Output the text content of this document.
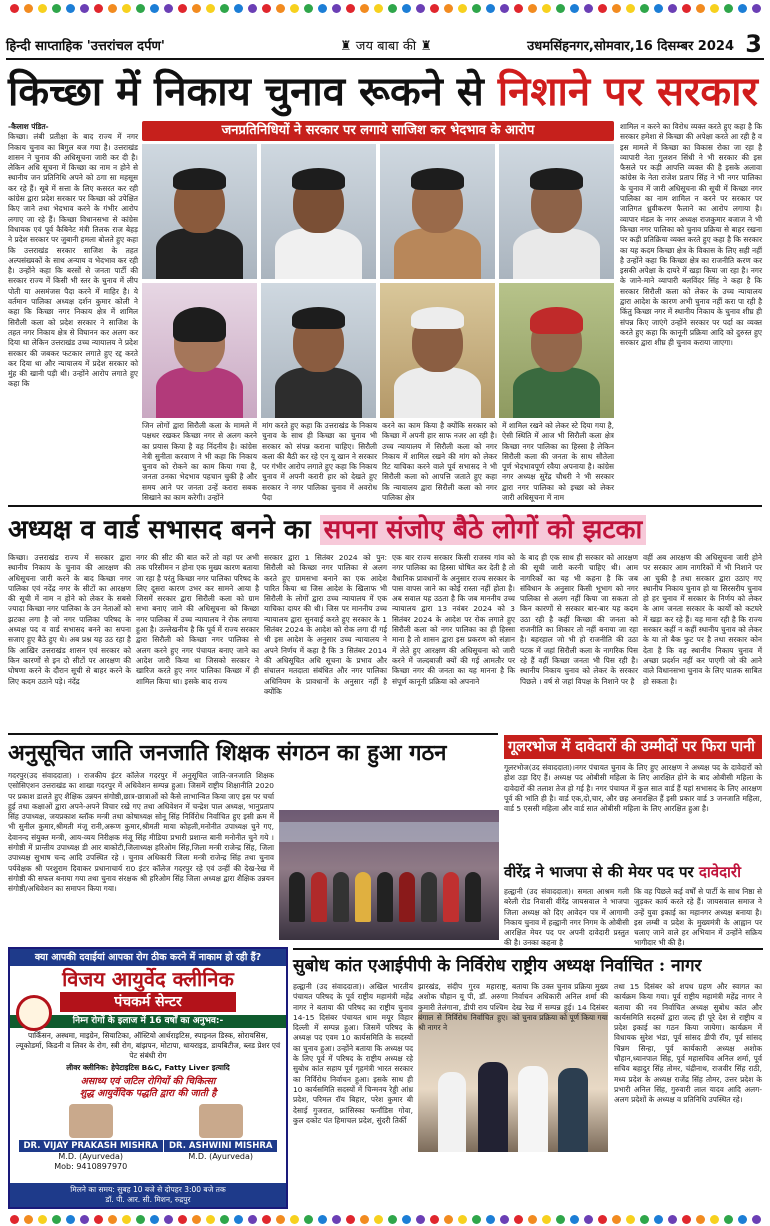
हिन्दी साप्ताहिक 'उत्तरांचल दर्पण'	♜ जय बाबा की ♜	उधमसिंहनगर,सोमवार,16 दिसम्बर 2024 3
किच्छा में निकाय चुनाव रूकने से निशाने पर सरकार
-कैलाश पंडित-
किच्छा। लंबी प्रतीक्षा के बाद राज्य में नगर निकाय चुनाव का बिगुल बज गया है। उत्तराखंड शासन ने चुनाव की अधिसूचना जारी कर दी है। लेकिन अधि सूचना में किच्छा का नाम न होने से स्थानीय जन प्रतिनिधि अपने को ठगा सा महसूस कर रहे हैं। सूबे में सत्ता के लिए कसरत कर रही कांग्रेस द्वारा प्रदेश सरकार पर किच्छा को उपेक्षित किए जाने तथा भेदभाव करने के गंभीर आरोप लगाए जा रहे हैं। किच्छा विधानसभा से कांग्रेस विधायक एवं पूर्व कैबिनेट मंत्री तिलक राज बेहड़ ने प्रदेश सरकार पर जुबानी हमला बोलते हुए कहा कि उत्तराखंड सरकार साजिश के तहत अल्पसंख्यकों के साथ अन्याय व भेदभाव कर रही है। उन्होंने कहा कि बरसों से जनता पार्टी की सरकार राज्य में किसी भी स्तर के चुनाव में लीप पोती या असमंजस पैदा करने में माहिर है। ये वर्तमान पालिका अध्यक्ष दर्शन कुमार कोली ने कहा कि किच्छा नगर निकाय क्षेत्र में शामिल सिरौली कला को प्रदेश सरकार ने साजिश के तहत नगर निकाय क्षेत्र से विघानन कर अलग कर दिया था लेकिन उत्तराखंड उच्च न्यायालय ने प्रदेश सरकार की जबकर फटकार लगाते हुए रद्द करते कर दिया था और न्यायालय में प्रदेश सरकार को मुंह की खानी पड़ी थी। उन्होंने आरोप लगाते हुए कहा कि
जनप्रतिनिधियों ने सरकार पर लगाये साजिश कर भेदभाव के आरोप
जिन लोगों द्वारा सिरौली कला के मामले में पक्षधर रखकर किच्छा नगर से अलग करने का प्रयास किया है वह निंदनीय है। कांग्रेस नेत्री सुनीता करवाण ने भी कहा कि निकाय चुनाव को रोकने का काम किया गया है, जनता उनका भेदभाव पहचान चुकी है और समय आने पर जनता उन्हें करारा सबक सिखाने का काम करेगी। उन्होंने
मांग करते हुए कहा कि उत्तराखंड के निकाय चुनाव के साथ ही किच्छा का चुनाव भी सरकार को संपन्न कराना चाहिए। सिरौली कला की बैठी कर रहे एन यू खान ने सरकार पर गंभीर आरोप लगाते हुए कहा कि निकाय चुनाव में अपनी करारी हार को देखते हुए सरकार ने नगर पालिका चुनाव में अवरोध पैदा
करने का काम किया है क्योंकि सरकार को किच्छा में अपनी हार साफ नजर आ रही है। उच्च न्यायालय में सिरौली कला को नगर निकाय में शामिल रखने की मांग को लेकर रिट याचिका करने वाले पूर्व सभासद ने भी सिरौली कला को आपत्ति जताते हुए कहा कि न्यायालय द्वारा सिरौली कला को नगर पालिका क्षेत्र
में शामिल रखने को लेकर स्टे दिया गया है, ऐसी स्थिति में आज भी सिरौली कला क्षेत्र किच्छा नगर पालिका का हिस्सा है लेकिन सिरौली कला की जनता के साथ सौतेला पूर्ण भेदभावपूर्ण रवैया अपनाया है। कांग्रेस नगर अध्यक्ष सुरेंद्र चौधरी ने भी सरकार द्वारा नगर पालिका को इच्छा को लेकर जारी अधिसूचना में नाम
शामिल न करने का विरोध व्यक्त करते हुए कहा है कि सरकार हमेशा से किच्छा की अपेक्षा करते आ रही है व इस मामले में किच्छा का विकास रोका जा रहा है व्यापारी नेता गुलशन सिंधी ने भी सरकार की इस फैसले पर कड़ी आपत्ति व्यक्त की है इसके अलावा कांग्रेस के नेता राजेश प्रताप सिंह ने भी नगर पालिका के चुनाव में जारी अधिसूचना की सूची में किच्छा नगर पालिका का नाम शामिल न करने पर सरकार पर जातिगत ध्रुवीकरण फैलाने का आरोप लगाया है। व्यापार मंडल के नगर अध्यक्ष राजकुमार बजाज ने भी किच्छा नगर पालिका को चुनाव प्रक्रिया से बाहर रखना पर कड़ी प्रतिक्रिया व्यक्त करते हुए कहा है कि सरकार का यह कदम किच्छा क्षेत्र के विकास के लिए सही नहीं है उन्होंने कहा कि किच्छा क्षेत्र का राजनीति करण कर इसकी अपेक्षा के दायरे में खड़ा किया जा रहा है। नगर के जाने-माने व्यापारी बलविंदर सिंह ने कहा है कि सरकार सिरौली कला को लेकर के उच्च न्यायालय द्वारा आदेश के कारण अभी चुनाव नहीं करा पा रही है किंतु किच्छा नगर में स्थानीय निकाय के चुनाव शीघ्र ही संपन्न किए जाएंगे उन्होंने सरकार पर पर्दा का व्यक्त करते हुए कहा कि कानूनी प्रक्रिया आदि को दुरुस्त हुए सरकार द्वारा शीघ्र ही चुनाव कराया जाएगा।
अध्यक्ष व वार्ड सभासद बनने का सपना संजोए बैठे लोगों को झटका
किच्छा। उत्तराखंड राज्य में सरकार द्वारा स्थानीय निकाय के चुनाव की आरक्षण की अधिसूचना जारी करने के बाद किच्छा नगर पालिका एवं नदेंद्र नगर के सीटों का आरक्षण की सूची में नाम न होने को लेकर के सबसे ज्यादा किच्छा नगर पालिका के उन नेताओं को झटका लगा है जो नगर पालिका परिषद के अध्यक्ष पद व वार्ड सभासद बनने का सपना सजाए हुए बैठे हुए थे। अब प्रश्न यह उठ रहा है कि आखिर उत्तराखंड शासन एवं सरकार को किन कारणों से इन दो सीटों पर आरक्षण की घोषणा करने के दौरान सूची से बाहर करने के लिए कदम उठाने पड़े। नंदेंद्र
नगर की सीट की बात करें तो वहां पर अभी तक परिसीमन न होना एक मुख्य कारण बताया जा रहा है परंतु किच्छा नगर पालिका परिषद के लिए दूसरा कारण उभर कर सामने आया है जिसमें सरकार द्वारा सिरौली कला को ग्राम सभा बनाए जाने की अधिसूचना को किच्छा नगर पालिका में उच्च न्यायालय ने रोक लगाया हुआ है। उल्लेखनीय है कि पूर्व में राज्य सरकार द्वारा सिरौली को किच्छा नगर पालिका से अलग करने हुए नगर पंचायत बनाए जाने का आदेश जारी किया था जिसको सरकार ने खारिज करते हुए नगर पालिका किच्छा में ही शामिल किया था। इसके बाद राज्य
सरकार द्वारा 1 सितंबर 2024 को पुन: सिरौली को किच्छा नगर पालिका से अलग करते हुए ग्रामसभा बनाने का एक आदेश पारित किया था जिस आदेश के खिलाफ भी सिरौली के लोगों द्वारा उच्च न्यायालय में एक याचिका दायर की थी। जिस पर माननीय उच्च न्यायालय द्वारा सुनवाई करते हुए सरकार के 1 सितंबर 2024 के आदेश को रोक लगा दी गई थी इस आदेश के अनुसार उच्च न्यायालय ने अपने निर्णय में कहा है कि 3 सितंबर 2014 की अधिसूचित अधि सूचना के प्रभाव और संचालन मतदाता संबंधित और नगर पालिका अधिनियम के प्रावधानों के अनुसार नहीं है क्योंकि
एक बार राज्य सरकार किसी राजस्व गांव को नगर पालिका का हिस्सा घोषित कर देती है तो वैधानिक प्रावधानों के अनुसार राज्य सरकार के पास वापस जाने का कोई रास्ता नहीं होता है। अब सवाल यह उठता है कि जब माननीय उच्च न्यायालय द्वारा 13 नवंबर 2024 को 3 सितंबर 2024 के आदेश पर रोक लगाते हुए सिरौली कला को नगर पालिका का ही हिस्सा माना है तो शासन द्वारा इस प्रकरण को संज्ञान में लेते हुए आरक्षण की अधिसूचना को जारी करने में जल्दबाजी क्यों की गई आमतौर पर किच्छा नगर की जनता का यह मानना है कि संपूर्ण कानूनी प्रक्रिया को अपनाने
के बाद ही एक साथ ही सरकार को आरक्षण की सूची जारी करनी चाहिए थी। आम नागरिकों का यह भी कहना है कि जब संविधान के अनुसार किसी भूभाग को नगर पालिका से अलग नहीं किया जा सकता तो किन कारणों से सरकार बार-बार यह कदम उठा रही है कहीं किच्छा की जनता को राजनीति का शिकार तो नहीं बनाया जा रहा है। बहरहाल जो भी हो राजनीति की उठा पटक में जहां सिरौली कला के नागरिक पिस रहे हैं वहीं किच्छा जनता भी पिस रही है। स्थानीय निकाय चुनाव को लेकर के सरकार पिछले । वर्ष से जहां विपक्ष के निशाने पर है
वहीं अब आरक्षण की अधिसूचना जारी होने पर सरकार आम नागरिकों में भी निशाने पर आ चुकी है तथा सरकार द्वारा उठाए गए स्थानीय निकाय चुनाव हो या सिरसरीय चुनाव हो हर चुनाव में सरकार के निर्णय को लेकर के आम जनता सरकार के कार्यों को कटघरे में खड़ा कर रहे हैं। यह माना रही है कि राज्य सरकार कहीं न कहीं स्थानीय चुनाव को लेकर के या तो बैक फुट पर है तथा सरकार कोन देता है कि वह स्थानीय निकाय चुनाव में अच्छा प्रदर्शन नहीं कर पाएगी जो की आने वाले विधानसभा चुनाव के लिए घातक साबित हो सकता है।
अनुसूचित जाति जनजाति शिक्षक संगठन का हुआ गठन
गदरपुर(उद संवाददाता) । राजकीय इंटर कॉलेज गदरपुर में अनुसूचित जाति-जनजाति शिक्षक एसोसिएशन उत्तराखंड का शाखा गदरपुर में अधिवेशन सम्पन्न हुआ। जिसमें राष्ट्रीय शिक्षानीति 2020 पर प्रकाश डालते हुए शैक्षिक उन्नयन संगोष्ठी,छात्र-छात्राओं को कैसे लाभान्वित किया जाए इस पर चर्चा हुई तथा कक्षाओं द्वारा अपने-अपने विचार रखे गए तथा अधिवेशन में चन्द्रेश पाल अध्यक्ष, भानुप्रताप सिंह उपाध्यक्ष, जयप्रकाश ब्लॉक मन्त्री तथा कोषाध्यक्ष सोनू सिंह निर्विरोध निर्वाचित हुए इसी क्रम में भी सुनील कुमार,श्रीमती मंजू रानी,अरूण कुमार,श्रीमती माया कोहली,मनोनीत उपाध्यक्ष चुने गए, देवानन्द संयुक्त मन्त्री, आय-व्यय निरीक्षक मंजू सिंह मीडिया प्रभारी प्रशान्त बानी मनोनीत चुने गये । संगोष्ठी में प्रान्तीय उपाध्यक्ष डी आर बाकोटी,जिलाध्यक्ष हरिओम सिंह,जिला मन्त्री राजेन्द्र सिंह, जिला उपाध्यक्ष सुभाष चन्द आदि उपस्थित रहे । चुनाव अधिकारी जिला मन्त्री राजेन्द्र सिंह तथा चुनाव पर्यवेक्षक श्री परशुराम दिवाकर प्रधानाचार्य रा0 इंटर कॉलेज गदरपुर रहे एवं उन्हीं की देख-रेख में संगोष्ठी की सफल बनाया गया तथा चुनाव संरक्षक श्री हरिओम सिंह जिला अध्यक्ष द्वारा शैक्षिक उन्नयन संगोष्ठी/अधिवेशन का समापन किया गया।
गूलरभोज में दावेदारों की उम्मीदों पर फिरा पानी
गूलरभोज(उद संवाददाता)।नगर पंचायत चुनाव के लिए हुए आरक्षण ने अध्यक्ष पद के दावेदारों को होश उड़ा दिए हैं। अध्यक्ष पद ओबीसी महिला के लिए आरक्षित होने के बाद ओबीसी महिला के दावेदारों की तलाश तेज हो गई है। नगर पंचायत में कुल सात वार्ड हैं यहां सभासद के लिए आरक्षण पूर्व की भांति ही है। वार्ड एक,दो,चार, और छह अनारक्षित हैं इसी प्रकार वार्ड 3 जनजाति महिला, वार्ड 5 एससी महिला और वार्ड सात ओबीसी महिला के लिए आरक्षित हुआ है।
वीरेंद्र ने भाजपा से की मेयर पद पर दावेदारी
हल्द्वानी (उद संवाददाता)। समता आश्रम गली बरेली रोड निवासी वीरेंद्र जायसवाल ने भाजपा जिला अध्यक्ष को दिए आवेदन पत्र में आगामी निकाय चुनाव में हल्द्वानी नगर निगम के ओबीसी आरक्षित मेयर पद पर अपनी दावेदारी प्रस्तुत की है। उनका कहना है
कि वह पिछले कई वर्षों से पार्टी के साथ निष्ठा से जुड़कर कार्य करते रहे हैं। जायसवाल समाज ने उन्हें युवा इकाई का महानगर अध्यक्ष बनाया है। इस लम्बी व प्रदेश के मुख्यमंत्री के आह्वान पर चलाए जाने वाले हर अभियान में उन्होंने सक्रिय भागीदार भी की है।
सुबोध कांत एआईपीपी के निर्विरोध राष्ट्रीय अध्यक्ष निर्वाचित : नागर
हल्द्वानी (उद संवाददाता)। अखिल भारतीय पंचायत परिषद के पूर्व राष्ट्रीय महामंत्री महेंद्र नागर ने बताया की परिषद का राष्ट्रीय चुनाव 14-15 दिसंबर पंचायत धाम मयूर विहार दिल्ली में सम्पन्न हुआ। जिसमें परिषद के अध्यक्ष पद एवम 10 कार्यसमिति के सदस्यों का चुनाव हुआ। उन्होंने बताया कि अध्यक्ष पद के लिए पूर्व में परिषद के राष्ट्रीय अध्यक्ष रहे सुबोध कांत सहाय पूर्व गृहमंत्री भारत सरकार का निर्विरोध निर्वाचन हुआ। इसके साथ ही 10 कार्यसमिति सदस्यों में चिन्मनय रेड्डी आंध्र प्रदेश, परिमल रॉय बिहार, परेश कुमार बी देसाई गुजरात, फ्रांसिस्का फर्नांडिस गोवा, कुल दकोट पंत हिमाचल प्रदेश, सुंदरी तिर्की
झारखंड, संदीप गुरव महाराष्ट्र, अशोक चौहान यू पी, डॉ. अरुणा कुमारी तेलंगाना, डीपी राय पश्चिम बंगाल से निर्विरोध निर्वाचित हुए। श्री नागर ने
बताया कि उक्त चुनाव प्रक्रिया मुख्य निर्वाचन अधिकारी अनिल शर्मा की देख रेख में सम्पन्न हुई। 14 दिसंबर को चुनाव प्रक्रिया को पूर्ण किया गया
तथा 15 दिसंबर को शपथ ग्रहण और स्वागत का कार्यक्रम किया गया। पूर्व राष्ट्रीय महामंत्री महेंद्र नागर ने बताया की नव निर्वाचित अध्यक्ष सुबोध कांत और कार्यसमिति सदस्यों द्वारा जल्द ही पूरे देश से राष्ट्रीय व प्रदेश इकाई का गठन किया जायेगा। कार्यक्रम में विधायक सुरेश भंडा, पूर्व सांसद डीपी रॉय, पूर्व सांसद चिन्नम सिन्हा, पूर्व कार्यकारी अध्यक्ष अशोक चौहान,ध्यानपाल सिंह, पूर्व महासचिव अनिल शर्मा, पूर्व सचिव बहादुर सिंह तोमर, चंद्रीनाथ, राजवीर सिंह राठी, मध्य प्रदेश के अध्यक्ष राजेंद्र सिंह तोमर, उत्तर प्रदेश के प्रभारी अनिल सिंह, गुरुवारी लाल यादव आदि अलग-अलग प्रदेशों के अध्यक्ष व प्रतिनिधि उपस्थित रहे।
क्या आपकी दवाईयां आपका रोग ठीक करने में नाकाम हो रही हैं?
विजय आयुर्वेद क्लीनिक
पंचकर्म सेन्टर
निम्न रोगों के इलाज में 16 वर्षों का अनुभव:-
पार्किंसन, अस्थमा, माइग्रेन, सियाटिका, ऑस्टियो आर्थराइटिस, स्पाइनल डिस्क, सोरायसिस, ल्यूकोडर्मा, किडनी व लिवर के रोग, स्त्री रोग, बांझपन, मोटापा, थायराइड, डायबिटीज, ब्लड प्रेशर एवं पेट संबंधी रोग
लीवर क्लीनिक: हेपेटाइटिस B&C, Fatty Liver इत्यादि
असाध्य एवं जटिल रोगियों की चिकित्सा
शुद्ध आयुर्वेदिक पद्धति द्वारा की जाती है
DR. VIJAY PRAKASH MISHRA
M.D. (Ayurveda)
Mob: 9410897970
DR. ASHWINI MISHRA
M.D. (Ayurveda)
मिलने का समय: सुबह 10 बजे से दोपहर 3:00 बजे तक
डॉ. पी. आर. सी. मिशन, रुद्रपुर
